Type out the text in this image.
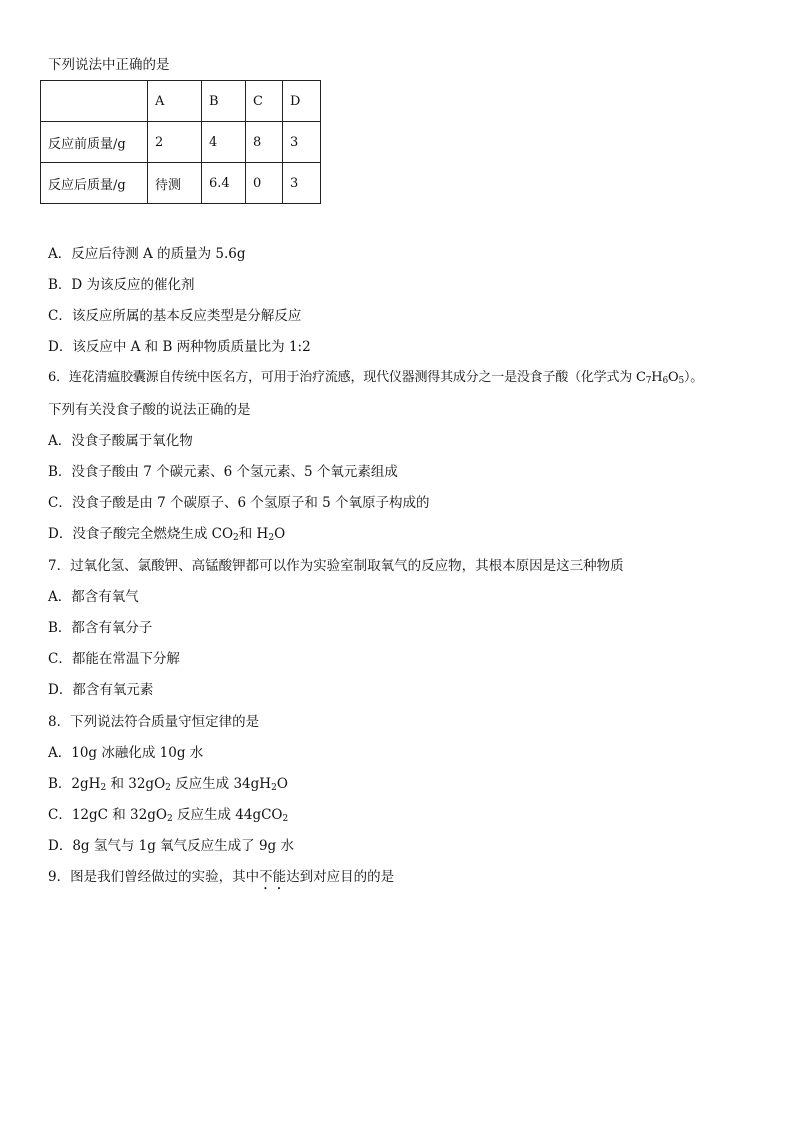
下列说法中正确的是
	A	B	C	D
反应前质量/g	2	4	8	3
反应后质量/g	待测	6.4	0	3
A．反应后待测 A 的质量为 5.6g
B．D 为该反应的催化剂
C．该反应所属的基本反应类型是分解反应
D．该反应中 A 和 B 两种物质质量比为 1:2
6．连花清瘟胶囊源自传统中医名方，可用于治疗流感，现代仪器测得其成分之一是没食子酸（化学式为 $C_7H_6O_5$）。
下列有关没食子酸的说法正确的是
A．没食子酸属于氧化物
B．没食子酸由 7 个碳元素、6 个氢元素、5 个氧元素组成
C．没食子酸是由 7 个碳原子、6 个氢原子和 5 个氧原子构成的
D．没食子酸完全燃烧生成 $CO_2$和 $H_2O$
7．过氧化氢、氯酸钾、高锰酸钾都可以作为实验室制取氧气的反应物，其根本原因是这三种物质
A．都含有氧气
B．都含有氧分子
C．都能在常温下分解
D．都含有氧元素
8．下列说法符合质量守恒定律的是
A．10g 冰融化成 10g 水
B．$2gH_2$ 和 $32gO_2$ 反应生成 $34gH_2O$
C．12gC 和 $32gO_2$ 反应生成 44gCO$_2$
D．8g 氢气与 1g 氧气反应生成了 9g 水
9．图是我们曾经做过的实验，其中不能达到对应目的的是
